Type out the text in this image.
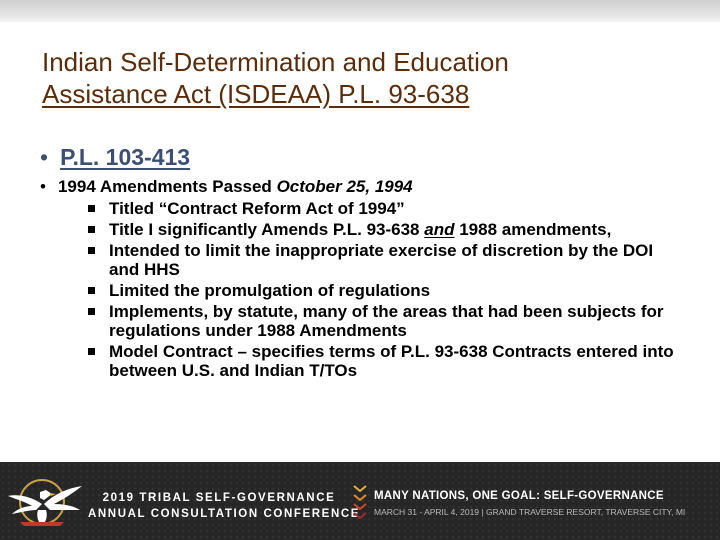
Indian Self-Determination and Education
Assistance Act (ISDEAA) P.L. 93-638
• P.L. 103-413
• 1994 Amendments Passed October 25, 1994
Titled “Contract Reform Act of 1994”
Title I significantly Amends P.L. 93-638 and 1988 amendments,
Intended to limit the inappropriate exercise of discretion by the DOI and HHS
Limited the promulgation of regulations
Implements, by statute, many of the areas that had been subjects for regulations under 1988 Amendments
Model Contract – specifies terms of P.L. 93-638 Contracts entered into between U.S. and Indian T/TOs
2019 TRIBAL SELF-GOVERNANCE
ANNUAL CONSULTATION CONFERENCE
MANY NATIONS, ONE GOAL: SELF-GOVERNANCE
MARCH 31 - APRIL 4, 2019 | GRAND TRAVERSE RESORT, TRAVERSE CITY, MI
